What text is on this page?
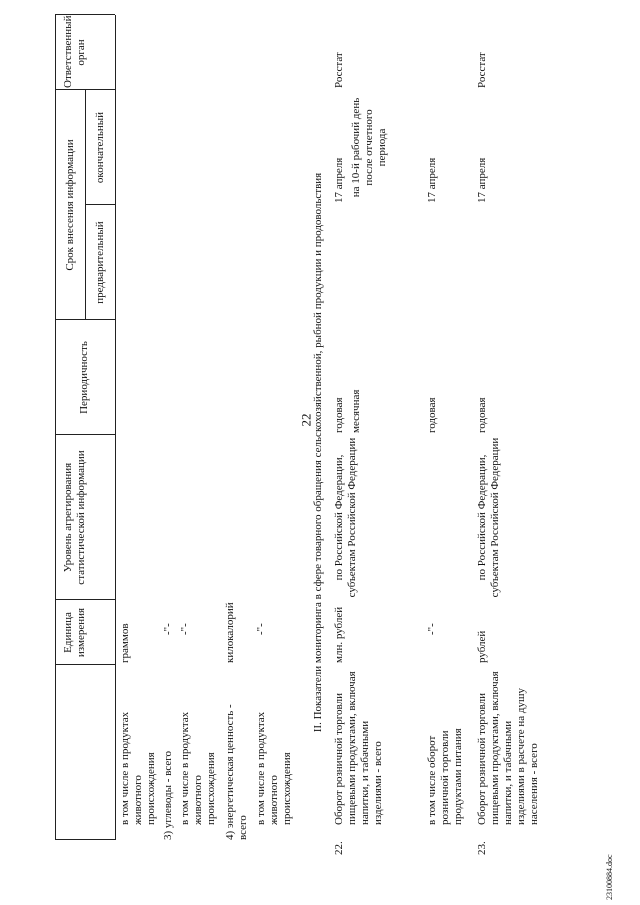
22
Единица измерения
Уровень агрегирования статистической информации
Периодичность
Срок внесения информации предварительный
окончательный
Ответственный орган
в том числе в продуктах животного происхождения
граммов
3) углеводы - всего
-"-
в том числе в продуктах животного происхождения
-"-
4) энергетическая ценность - всего
килокалорий
в том числе в продуктах животного происхождения
-"-	II. Показатели мониторинга в сфере товарного обращения сельскохозяйственной, рыбной продукции и продовольствия
22.
Оборот розничной торговли пищевыми продуктами, включая напитки, и табачными изделиями - всего
млн. рублей
по Российской Федерации, субъектам Российской Федерации
годовая месячная
17 апреля на 10-й рабочий день после отчетного периода
Росстат
в том числе оборот розничной торговли продуктами питания
-"-
годовая
17 апреля
23.
Оборот розничной торговли пищевыми продуктами, включая напитки, и табачными изделиями в расчете на душу населения - всего
рублей
по Российской Федерации, субъектам Российской Федерации
годовая
17 апреля
Росстат
23100884.doc
